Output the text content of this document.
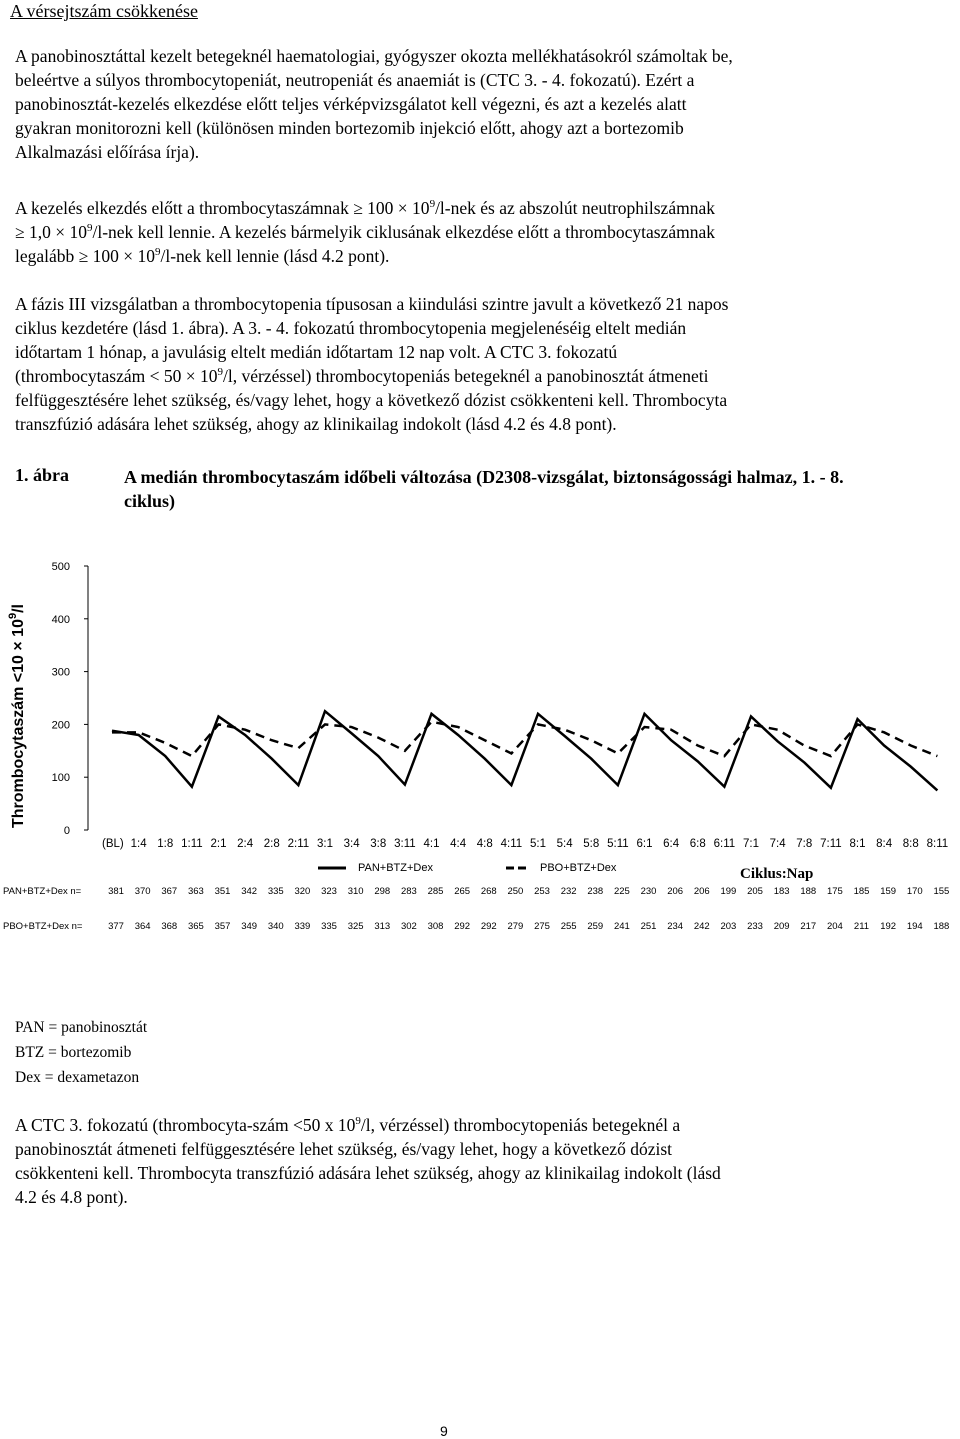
A vérsejtszám csökkenése
A panobinosztáttal kezelt betegeknél haematologiai, gyógyszer okozta mellékhatásokról számoltak be,
beleértve a súlyos thrombocytopeniát, neutropeniát és anaemiát is (CTC 3. - 4. fokozatú). Ezért a
panobinosztát-kezelés elkezdése előtt teljes vérképvizsgálatot kell végezni, és azt a kezelés alatt
gyakran monitorozni kell (különösen minden bortezomib injekció előtt, ahogy azt a bortezomib
Alkalmazási előírása írja).
A kezelés elkezdés előtt a thrombocytaszámnak ≥ $100 \times 10^9/l$-nek és az abszolút neutrophilszámnak
≥ $1,0 \times 10^9/l$-nek kell lennie. A kezelés bármelyik ciklusának elkezdése előtt a thrombocytaszámnak
legalább ≥ $100 \times 10^9/l$-nek kell lennie (lásd 4.2 pont).
A fázis III vizsgálatban a thrombocytopenia típusosan a kiindulási szintre javult a következő 21 napos
ciklus kezdetére (lásd 1. ábra). A 3. - 4. fokozatú thrombocytopenia megjelenéséig eltelt medián
időtartam 1 hónap, a javulásig eltelt medián időtartam 12 nap volt. A CTC 3. fokozatú
(thrombocytaszám < $50 \times 10^9/l$, vérzéssel) thrombocytopeniás betegeknél a panobinosztát átmeneti
felfüggesztésére lehet szükség, és/vagy lehet, hogy a következő dózist csökkenteni kell. Thrombocyta
transzfúzió adására lehet szükség, ahogy az klinikailag indokolt (lásd 4.2 és 4.8 pont).
1. ábra	A medián thrombocytaszám időbeli változása (D2308-vizsgálat, biztonságossági halmaz, 1. - 8. ciklus)
Thrombocytaszám $<10 \times 10^9/l$
0
100
200
300
400
500
1:4 1:8 1:11 2:1 2:4 2:8 2:11 3:1 3:4 3:8 3:11 4:1 4:4 4:8 4:11 5:1 5:4 5:8 5:11 6:1 6:4 6:8 6:11 7:1 7:4 7:8 7:11 8:1 8:4 8:8 8:11
(BL)
PAN+BTZ+Dex	PBO+BTZ+Dex	Ciklus:Nap
PAN+BTZ+Dex n=	381	370	367	363	351	342	335	320	323	310	298	283	285	265	268	250	253	232	238	225	230	206	206	199	205	183	188	175	185	159	170	155
PBO+BTZ+Dex n=	377	364	368	365	357	349	340	339	335	325	313	302	308	292	292	279	275	255	259	241	251	234	242	203	233	209	217	204	211	192	194	188
PAN = panobinosztát
BTZ = bortezomib
Dex = dexametazon
A CTC 3. fokozatú (thrombocyta-szám <50 x $10^9/l$, vérzéssel) thrombocytopeniás betegeknél a
panobinosztát átmeneti felfüggesztésére lehet szükség, és/vagy lehet, hogy a következő dózist
csökkenteni kell. Thrombocyta transzfúzió adására lehet szükség, ahogy az klinikailag indokolt (lásd
4.2 és 4.8 pont).
9
